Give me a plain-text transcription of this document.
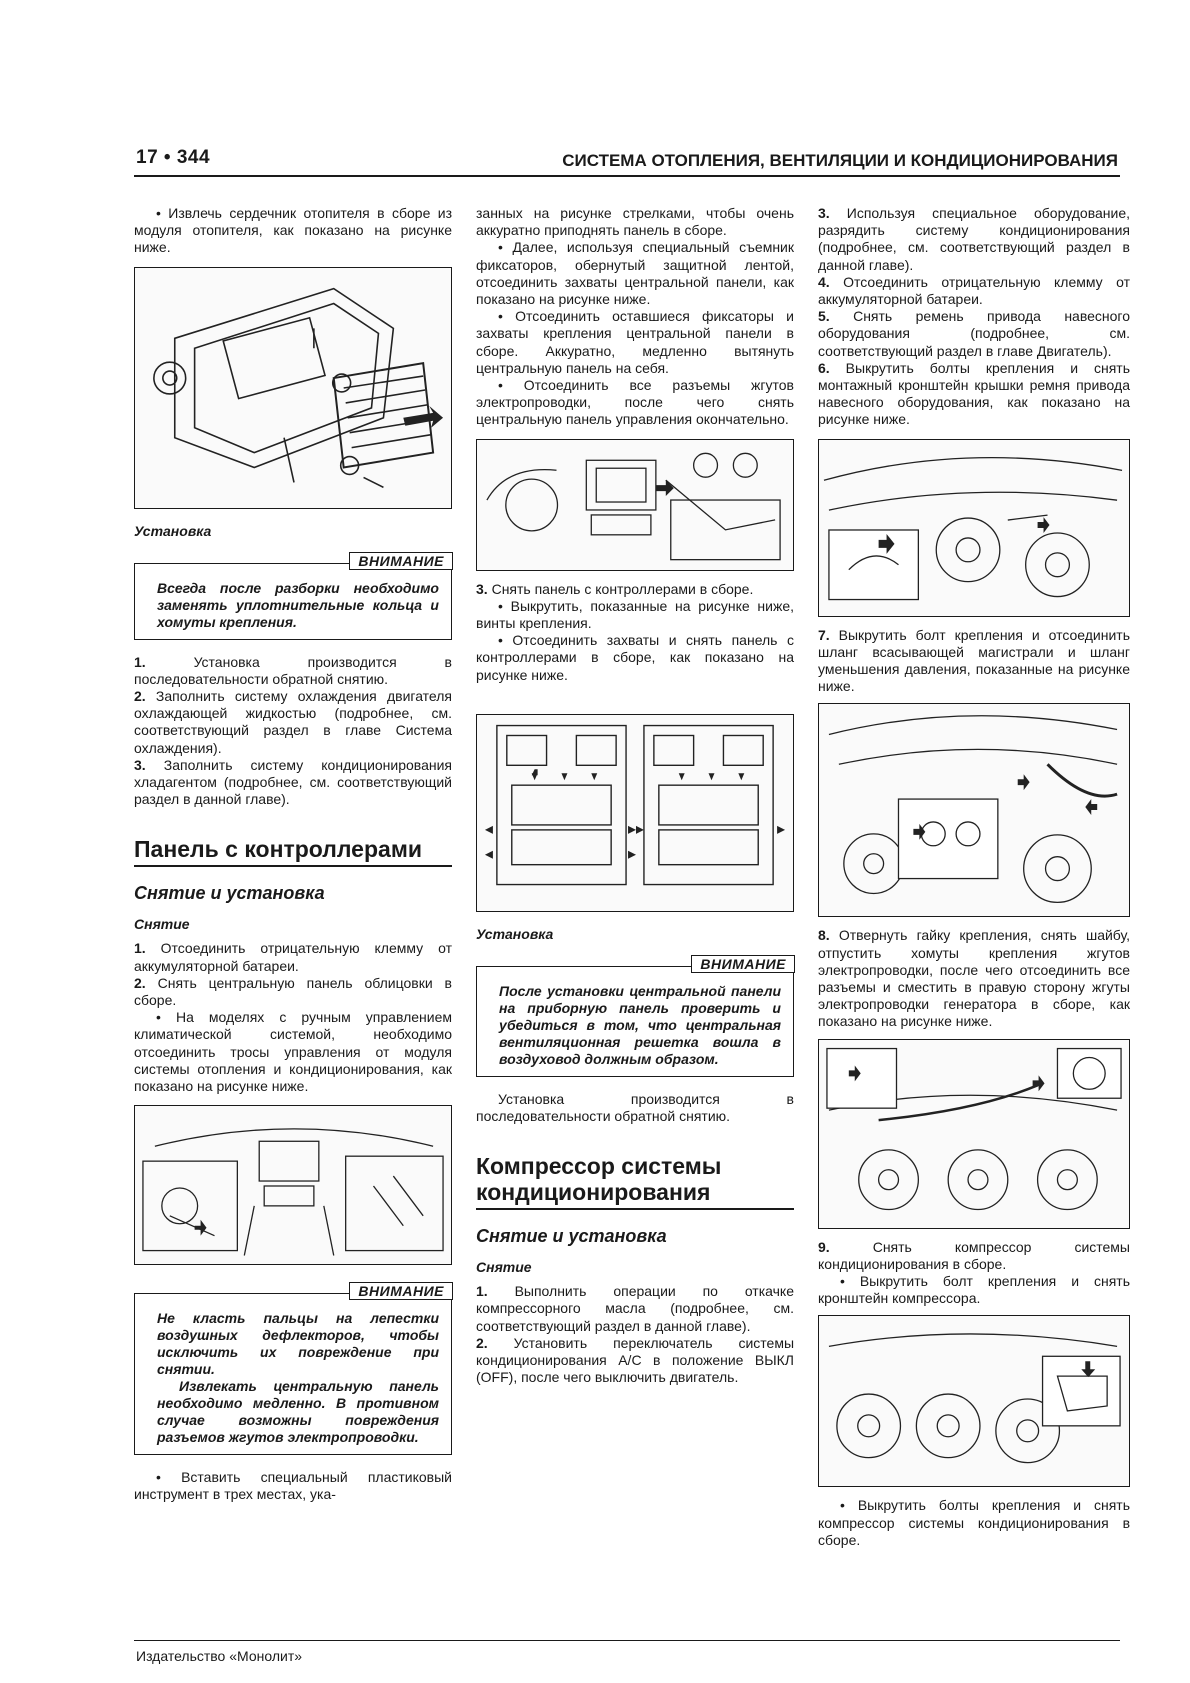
17 • 344	СИСТЕМА ОТОПЛЕНИЯ, ВЕНТИЛЯЦИИ И КОНДИЦИОНИРОВАНИЯ

• Извлечь сердечник отопителя в сборе из модуля отопителя, как показано на рисунке ниже.

Установка
ВНИМАНИЕ

Всегда после разборки необходимо заменять уплотнительные кольца и хомуты крепления.

1.	Установка производится в последовательности обратной снятию.

2. Заполнить систему охлаждения двигателя охлаждающей жидкостью (подробнее, см. соответствующий раздел в главе Система охлаждения).

3. Заполнить систему кондиционирования хладагентом (подробнее, см. соответствующий раздел в данной главе).

Панель с контроллерами
Снятие и установка
Снятие

1. Отсоединить отрицательную клемму от аккумуляторной батареи.

2. Снять центральную панель облицовки в сборе.

• На моделях с ручным управлением климатической системой, необходимо отсоединить тросы управления от модуля системы отопления и кондиционирования, как показано на рисунке ниже.

ВНИМАНИЕ

Не класть пальцы на лепестки воздушных дефлекторов, чтобы исключить их повреждение при снятии.

Извлекать центральную панель необходимо медленно. В противном случае возможны повреждения разъемов жгутов электропроводки.

• Вставить специальный пластиковый инструмент в трех местах, ука-

занных на рисунке стрелками, чтобы очень аккуратно приподнять панель в сборе.

• Далее, используя специальный съемник фиксаторов, обернутый защитной лентой, отсоединить захваты центральной панели, как показано на рисунке ниже.

• Отсоединить оставшиеся фиксаторы и захваты крепления центральной панели в сборе. Аккуратно, медленно вытянуть центральную панель на себя.

• Отсоединить все разъемы жгутов электропроводки, после чего снять центральную панель управления окончательно.

3. Снять панель с контроллерами в сборе.

• Выкрутить, показанные на рисунке ниже, винты крепления.

• Отсоединить захваты и снять панель с контроллерами в сборе, как показано на рисунке ниже.

Установка
ВНИМАНИЕ

После установки центральной панели на приборную панель проверить и убедиться в том, что центральная вентиляционная решетка вошла в воздуховод должным образом.

Установка производится в последовательности обратной снятию.

Компрессор системы кондиционирования
Снятие и установка
Снятие

1. Выполнить операции по откачке компрессорного масла (подробнее, см. соответствующий раздел в данной главе).

2. Установить переключатель системы кондиционирования A/C в положение ВЫКЛ (OFF), после чего выключить двигатель.

3. Используя специальное оборудование, разрядить систему кондиционирования (подробнее, см. соответствующий раздел в данной главе).

4. Отсоединить отрицательную клемму от аккумуляторной батареи.

5. Снять ремень привода навесного оборудования (подробнее, см. соответствующий раздел в главе Двигатель).

6. Выкрутить болты крепления и снять монтажный кронштейн крышки ремня привода навесного оборудования, как показано на рисунке ниже.

7. Выкрутить болт крепления и отсоединить шланг всасывающей магистрали и шланг уменьшения давления, показанные на рисунке ниже.

8. Отвернуть гайку крепления, снять шайбу, отпустить хомуты крепления жгутов электропроводки, после чего отсоединить все разъемы и сместить в правую сторону жгуты электропроводки генератора в сборе, как показано на рисунке ниже.

9.	Снять компрессор системы кондиционирования в сборе.

• Выкрутить болт крепления и снять кронштейн компрессора.

• Выкрутить болты крепления и снять компрессор системы кондиционирования в сборе.

Издательство «Монолит»
